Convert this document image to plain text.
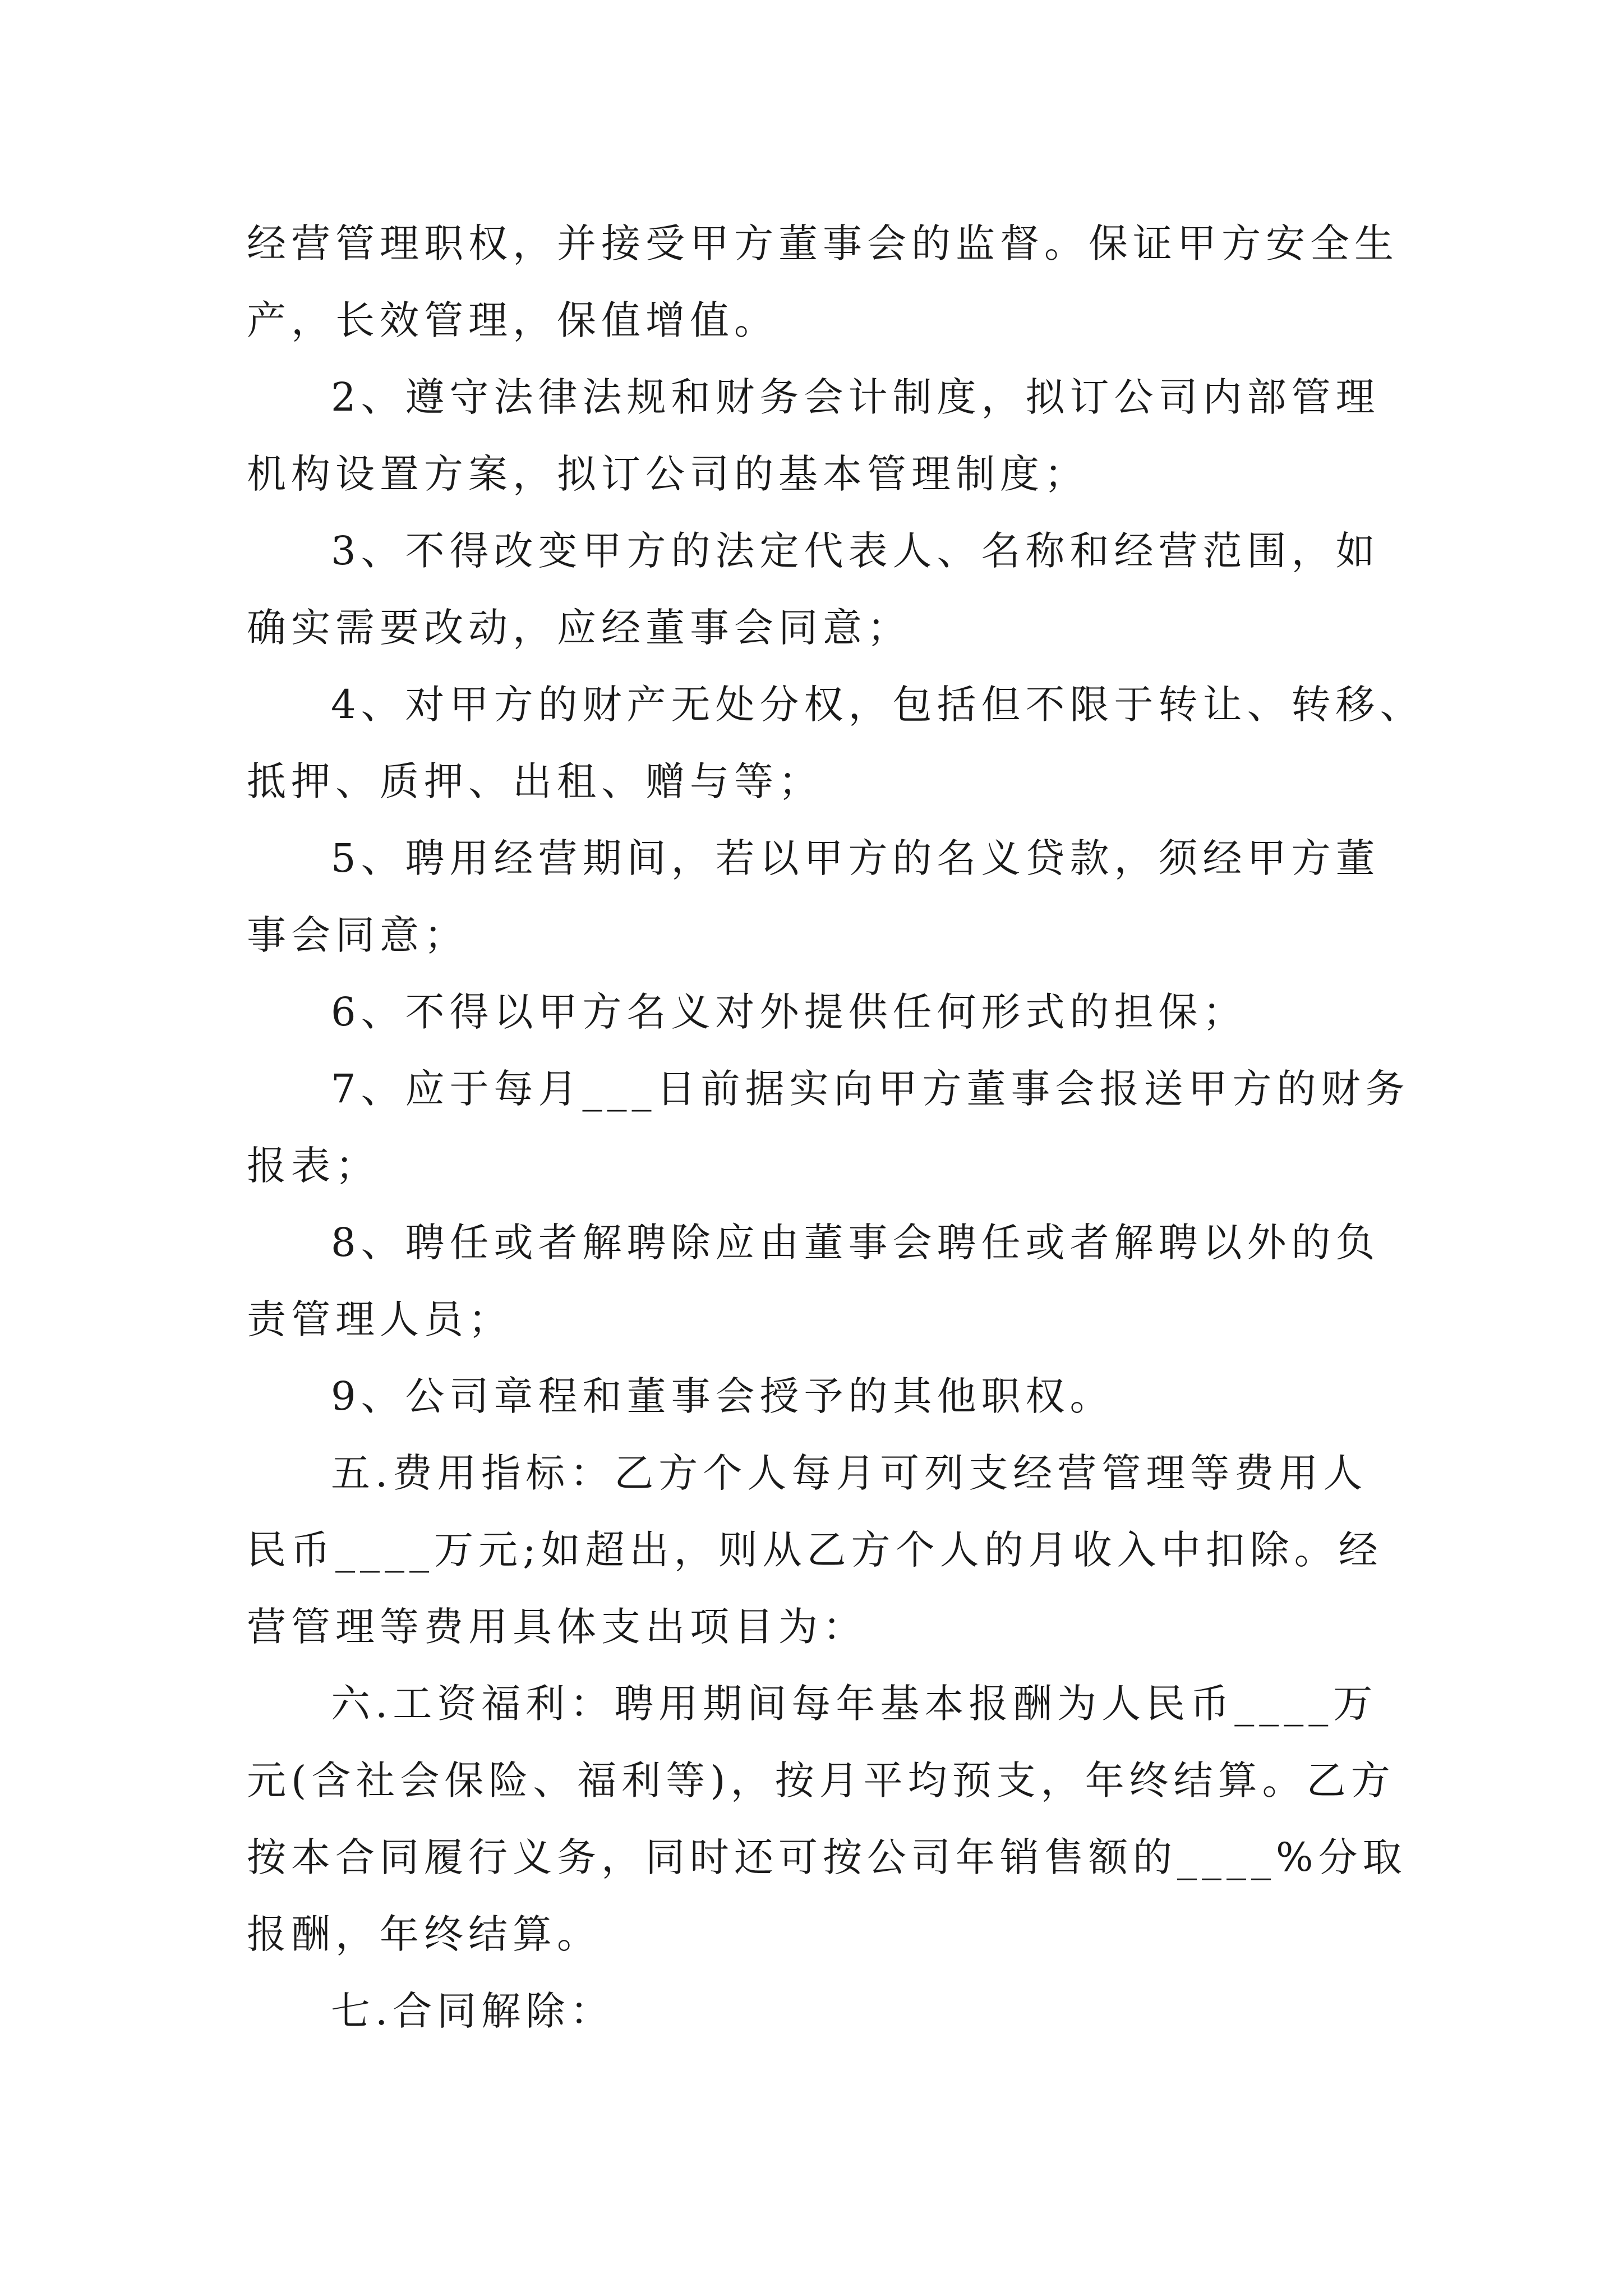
经营管理职权，并接受甲方董事会的监督。保证甲方安全生

产，长效管理，保值增值。

2、遵守法律法规和财务会计制度，拟订公司内部管理

机构设置方案，拟订公司的基本管理制度；

3、不得改变甲方的法定代表人、名称和经营范围，如

确实需要改动，应经董事会同意；

4、对甲方的财产无处分权，包括但不限于转让、转移、

抵押、质押、出租、赠与等；

5、聘用经营期间，若以甲方的名义贷款，须经甲方董

事会同意；

6、不得以甲方名义对外提供任何形式的担保；

7、应于每月___日前据实向甲方董事会报送甲方的财务

报表；

8、聘任或者解聘除应由董事会聘任或者解聘以外的负

责管理人员；

9、公司章程和董事会授予的其他职权。

五.费用指标：乙方个人每月可列支经营管理等费用人

民币____万元;如超出，则从乙方个人的月收入中扣除。经

营管理等费用具体支出项目为：

六.工资福利：聘用期间每年基本报酬为人民币____万

元(含社会保险、福利等)，按月平均预支，年终结算。乙方

按本合同履行义务，同时还可按公司年销售额的____%分取

报酬，年终结算。

七.合同解除：
